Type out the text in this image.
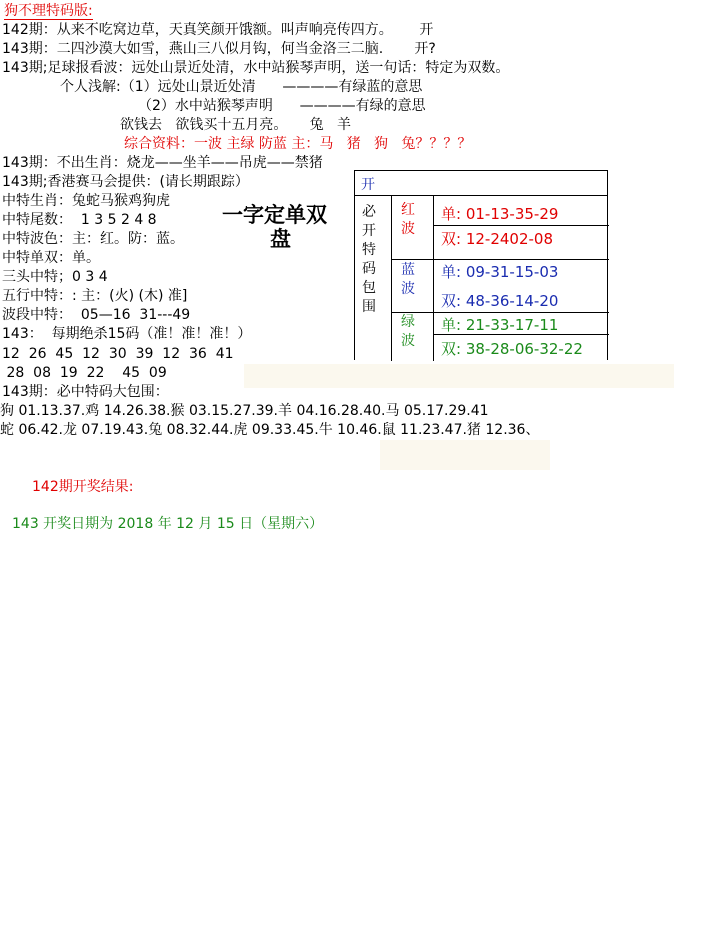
狗不理特码版:
142期：从来不吃窝边草，天真笑颜开饿额。叫声响亮传四方。      开
143期：二四沙漠大如雪，燕山三八似月钩，何当金洛三二脑.       开?
143期;足球报看波：远处山景近处清，水中站猴琴声明，送一句话：特定为双数。
个人浅解:（1）远处山景近处清      ————有绿蓝的意思
（2）水中站猴琴声明      ————有绿的意思
欲钱去   欲钱买十五月亮。     兔   羊
综合资料：一波 主绿 防蓝 主：马   猪   狗   兔？？？？
143期：不出生肖：烧龙——坐羊——吊虎——禁猪
143期;香港赛马会提供：(请长期跟踪）
中特生肖：兔蛇马猴鸡狗虎
中特尾数：  1 3 5 2 4 8
中特波色：主：红。防：蓝。
中特单双：单。
三头中特；0 3 4
五行中特：: 主：(火) (木) 准]
波段中特：  05—16  31---49
143：  每期绝杀15码（准！准！准！）
12  26  45  12  30  39  12  36  41
28  08  19  22    45  09
143期：必中特码大包围：
狗 01.13.37.鸡 14.26.38.猴 03.15.27.39.羊 04.16.28.40.马 05.17.29.41
蛇 06.42.龙 07.19.43.兔 08.32.44.虎 09.33.45.牛 10.46.鼠 11.23.47.猪 12.36、
142期开奖结果:
143 开奖日期为 2018 年 12 月 15 日（星期六）
一字定单双
盘
开
必
开
特
码
包
围
红
波
单: 01-13-35-29
双: 12-2402-08
蓝
波
单: 09-31-15-03
双: 48-36-14-20
绿
波
单: 21-33-17-11
双: 38-28-06-32-22
